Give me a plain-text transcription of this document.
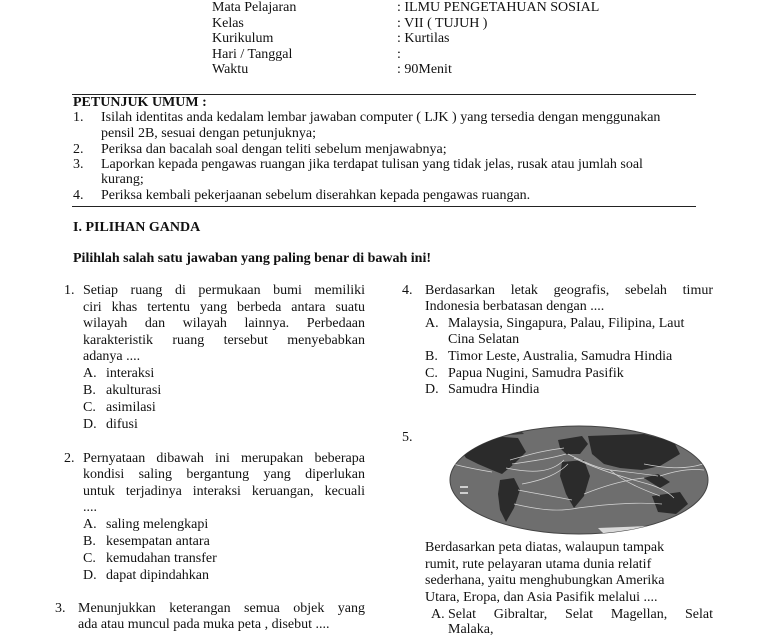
Mata Pelajaran	: ILMU PENGETAHUAN SOSIAL
Kelas	: VII ( TUJUH )
Kurikulum	: Kurtilas
Hari / Tanggal	:
Waktu	: 90Menit
PETUNJUK UMUM :
1. Isilah identitas anda kedalam lembar jawaban computer ( LJK ) yang tersedia dengan menggunakan
pensil 2B, sesuai dengan petunjuknya;
2. Periksa dan bacalah soal dengan teliti sebelum menjawabnya;
3. Laporkan kepada pengawas ruangan jika terdapat tulisan yang tidak jelas, rusak atau jumlah soal
kurang;
4. Periksa kembali pekerjaanan sebelum diserahkan kepada pengawas ruangan.
I. PILIHAN GANDA
Pilihlah salah satu jawaban yang paling benar di bawah ini!
1. Setiap ruang di permukaan bumi memiliki
ciri khas tertentu yang berbeda antara suatu
wilayah dan wilayah lainnya. Perbedaan
karakteristik ruang tersebut menyebabkan
adanya ....
A. interaksi
B. akulturasi
C. asimilasi
D. difusi
2. Pernyataan dibawah ini merupakan beberapa
kondisi saling bergantung yang diperlukan
untuk terjadinya interaksi keruangan, kecuali
....
A. saling melengkapi
B. kesempatan antara
C. kemudahan transfer
D. dapat dipindahkan
3. Menunjukkan keterangan semua objek yang
ada atau muncul pada muka peta , disebut ....
4. Berdasarkan letak geografis, sebelah timur
Indonesia berbatasan dengan ....
A. Malaysia, Singapura, Palau, Filipina, Laut
Cina Selatan
B. Timor Leste, Australia, Samudra Hindia
C. Papua Nugini, Samudra Pasifik
D. Samudra Hindia
5.
Berdasarkan peta diatas, walaupun tampak
rumit, rute pelayaran utama dunia relatif
sederhana, yaitu menghubungkan Amerika
Utara, Eropa, dan Asia Pasifik melalui ....
A. Selat Gibraltar, Selat Magellan, Selat
Malaka,
